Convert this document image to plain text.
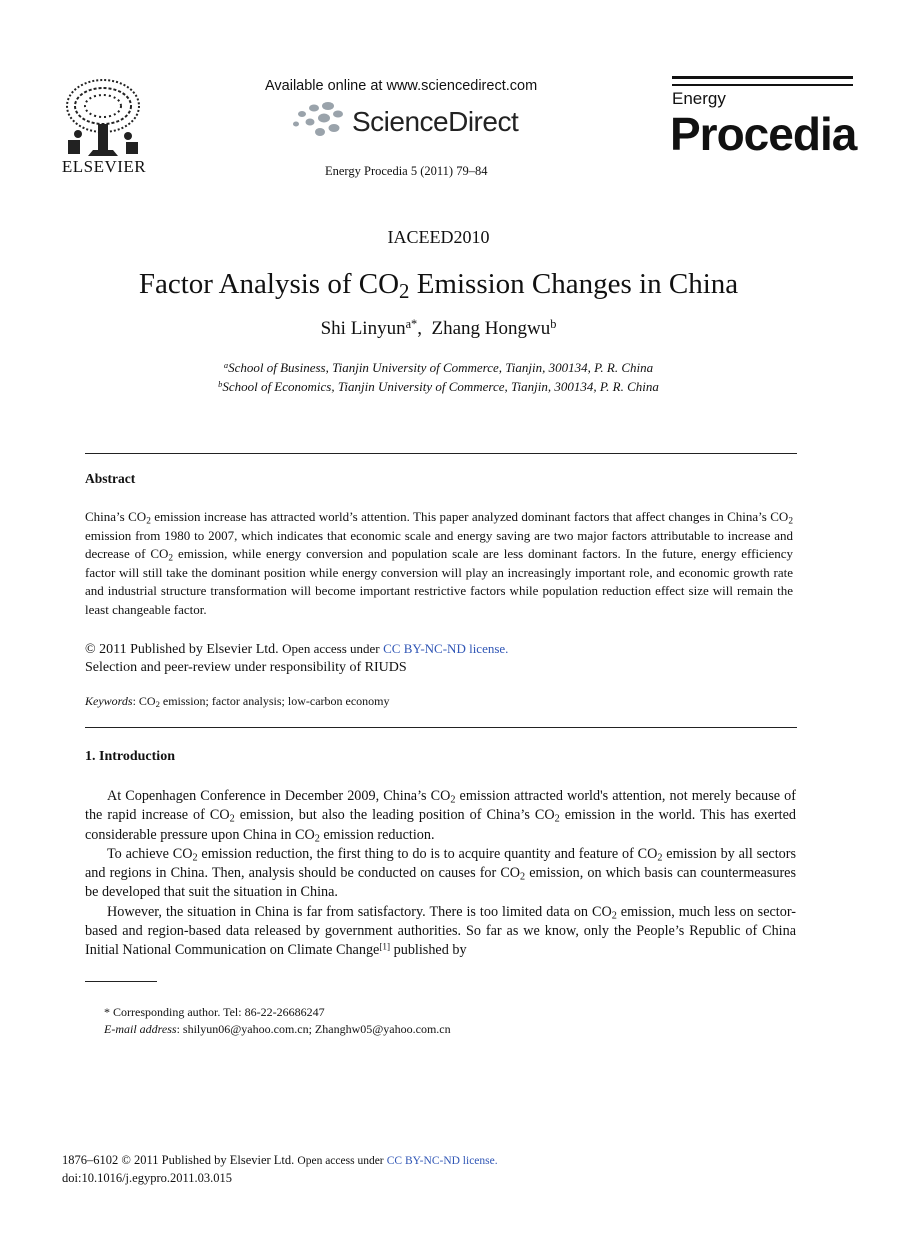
ELSEVIER
Available online at www.sciencedirect.com
ScienceDirect
Energy Procedia 5 (2011) 79–84
Energy
Procedia
IACEED2010
Factor Analysis of $CO_2$ Emission Changes in China
Shi Linyun$^{a*}$,  Zhang Hongwu$^b$
$^a$School of Business, Tianjin University of Commerce, Tianjin, 300134, P. R. China
$^b$School of Economics, Tianjin University of Commerce, Tianjin, 300134, P. R. China
Abstract
China’s $CO_2$ emission increase has attracted world’s attention. This paper analyzed dominant factors that affect changes in China’s $CO_2$ emission from 1980 to 2007, which indicates that economic scale and energy saving are two major factors attributable to increase and decrease of $CO_2$ emission, while energy conversion and population scale are less dominant factors. In the future, energy efficiency factor will still take the dominant position while energy conversion will play an increasingly important role, and economic growth rate and industrial structure transformation will become important restrictive factors while population reduction effect size will remain the least changeable factor.
© 2011 Published by Elsevier Ltd. Open access under CC BY-NC-ND license.
Selection and peer-review under responsibility of RIUDS
Keywords: $CO_2$ emission; factor analysis; low-carbon economy
1. Introduction

At Copenhagen Conference in December 2009, China’s $CO_2$ emission attracted world's attention, not merely because of the rapid increase of $CO_2$ emission, but also the leading position of China’s $CO_2$ emission in the world. This has exerted considerable pressure upon China in $CO_2$ emission reduction.

To achieve $CO_2$ emission reduction, the first thing to do is to acquire quantity and feature of $CO_2$ emission by all sectors and regions in China. Then, analysis should be conducted on causes for $CO_2$ emission, on which basis can countermeasures be developed that suit the situation in China.

However, the situation in China is far from satisfactory. There is too limited data on $CO_2$ emission, much less on sector-based and region-based data released by government authorities. So far as we know, only the People’s Republic of China Initial National Communication on Climate Change[1] published by

* Corresponding author. Tel: 86-22-26686247
E-mail address: shilyun06@yahoo.com.cn; Zhanghw05@yahoo.com.cn
1876–6102 © 2011 Published by Elsevier Ltd. Open access under CC BY-NC-ND license.
doi:10.1016/j.egypro.2011.03.015
